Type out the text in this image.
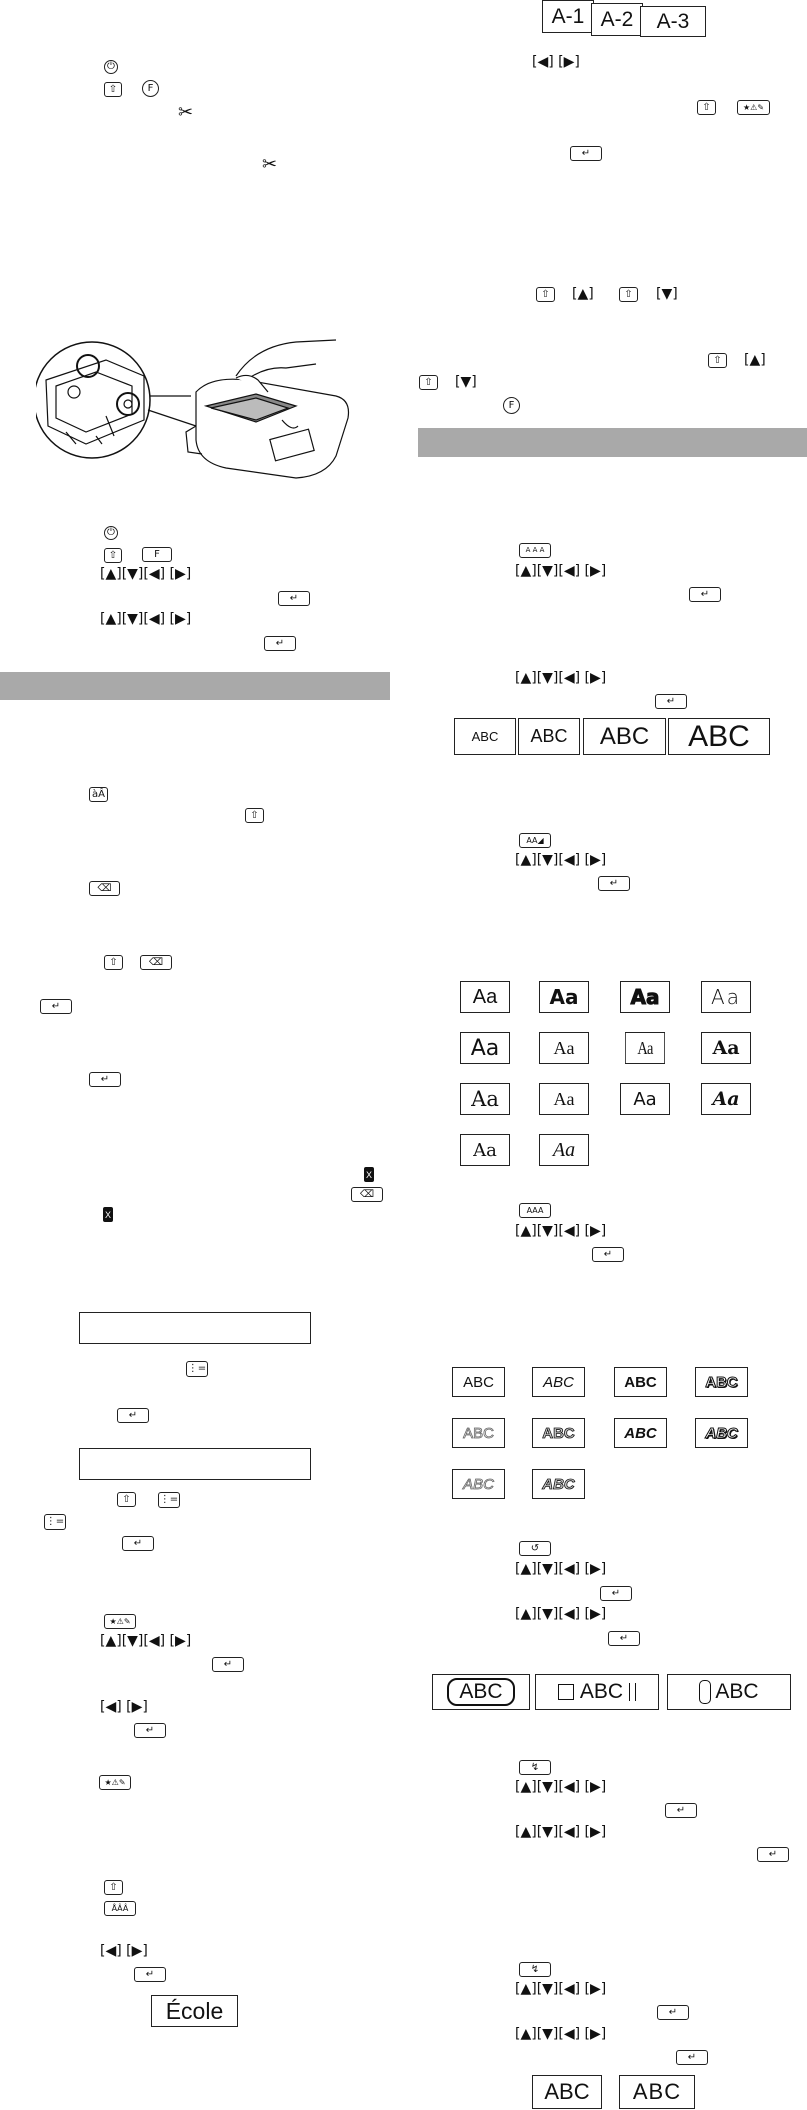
⏻
⇧	F
✂
✂
⏻
⇧	F
[▲][▼][◀] [▶]
↵
[▲][▼][◀] [▶]
↵
àÂ
⇧
⌫
⇧	⌫
↵
↵
X
⌫
X
⋮=
↵
⇧	⋮=
⋮=
↵
★⚠✎
[▲][▼][◀] [▶]
↵
[◀] [▶]
↵
★⚠✎
⇧
ÅÂÂ
[◀] [▶]
↵
École
A-1 A-2	A-3
[◀] [▶]
⇧	★⚠✎
↵
⇧	[▲]	⇧	[▼]
⇧	[▲]
⇧	[▼]
F
A A A
[▲][▼][◀] [▶]
↵
[▲][▼][◀] [▶]
↵
ABC	ABC	ABC	ABC
AA◢
[▲][▼][◀] [▶]
↵
Aa	Aa	Aa	Aa
Aa	Aa	Aa	Aa
Aa	Aa	Aa	Aa
Aa	Aa
AAA
[▲][▼][◀] [▶]
↵
ABC	ABC	ABC	ABC
ABC	ABC	ABC	ABC
ABC	ABC
↺
[▲][▼][◀] [▶]
↵
[▲][▼][◀] [▶]
↵
ABC	ABC	ABC
↯
[▲][▼][◀] [▶]
↵
[▲][▼][◀] [▶]
↵
↯
[▲][▼][◀] [▶]
↵
[▲][▼][◀] [▶]
↵
ABC	ABC
